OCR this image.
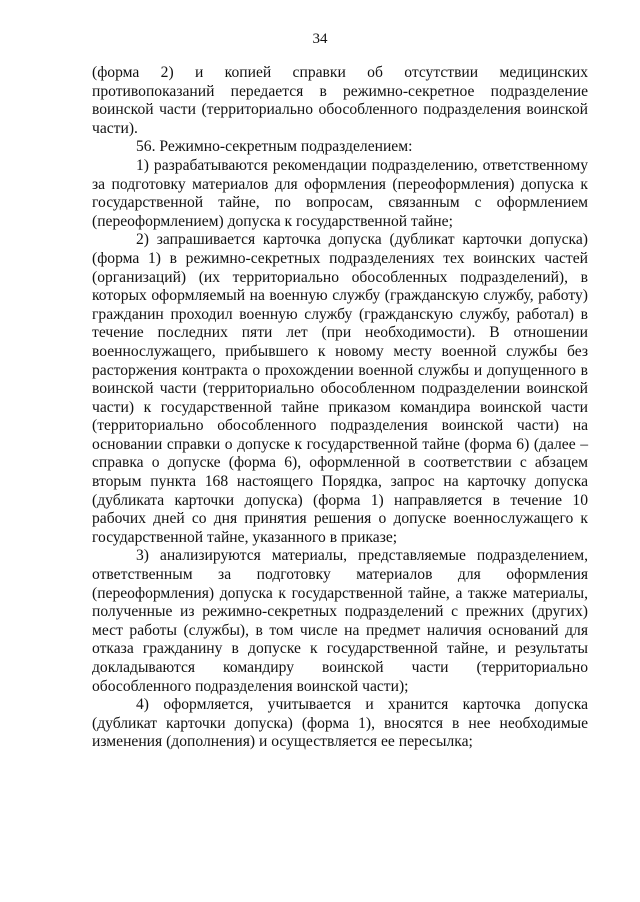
34

(форма 2) и копией справки об отсутствии медицинских противопоказаний передается в режимно-секретное подразделение воинской части (территориально обособленного подразделения воинской части).

56. Режимно-секретным подразделением:

1) разрабатываются рекомендации подразделению, ответственному за подготовку материалов для оформления (переоформления) допуска к государственной тайне, по вопросам, связанным с оформлением (переоформлением) допуска к государственной тайне;

2) запрашивается карточка допуска (дубликат карточки допуска) (форма 1) в режимно-секретных подразделениях тех воинских частей (организаций) (их территориально обособленных подразделений), в которых оформляемый на военную службу (гражданскую службу, работу) гражданин проходил военную службу (гражданскую службу, работал) в течение последних пяти лет (при необходимости). В отношении военнослужащего, прибывшего к новому месту военной службы без расторжения контракта о прохождении военной службы и допущенного в воинской части (территориально обособленном подразделении воинской части) к государственной тайне приказом командира воинской части (территориально обособленного подразделения воинской части) на основании справки о допуске к государственной тайне (форма 6) (далее – справка о допуске (форма 6), оформленной в соответствии с абзацем вторым пункта 168 настоящего Порядка, запрос на карточку допуска (дубликата карточки допуска) (форма 1) направляется в течение 10 рабочих дней со дня принятия решения о допуске военнослужащего к государственной тайне, указанного в приказе;

3) анализируются материалы, представляемые подразделением, ответственным за подготовку материалов для оформления (переоформления) допуска к государственной тайне, а также материалы, полученные из режимно-секретных подразделений с прежних (других) мест работы (службы), в том числе на предмет наличия оснований для отказа гражданину в допуске к государственной тайне, и результаты докладываются командиру воинской части (территориально обособленного подразделения воинской части);

4) оформляется, учитывается и хранится карточка допуска (дубликат карточки допуска) (форма 1), вносятся в нее необходимые изменения (дополнения) и осуществляется ее пересылка;
